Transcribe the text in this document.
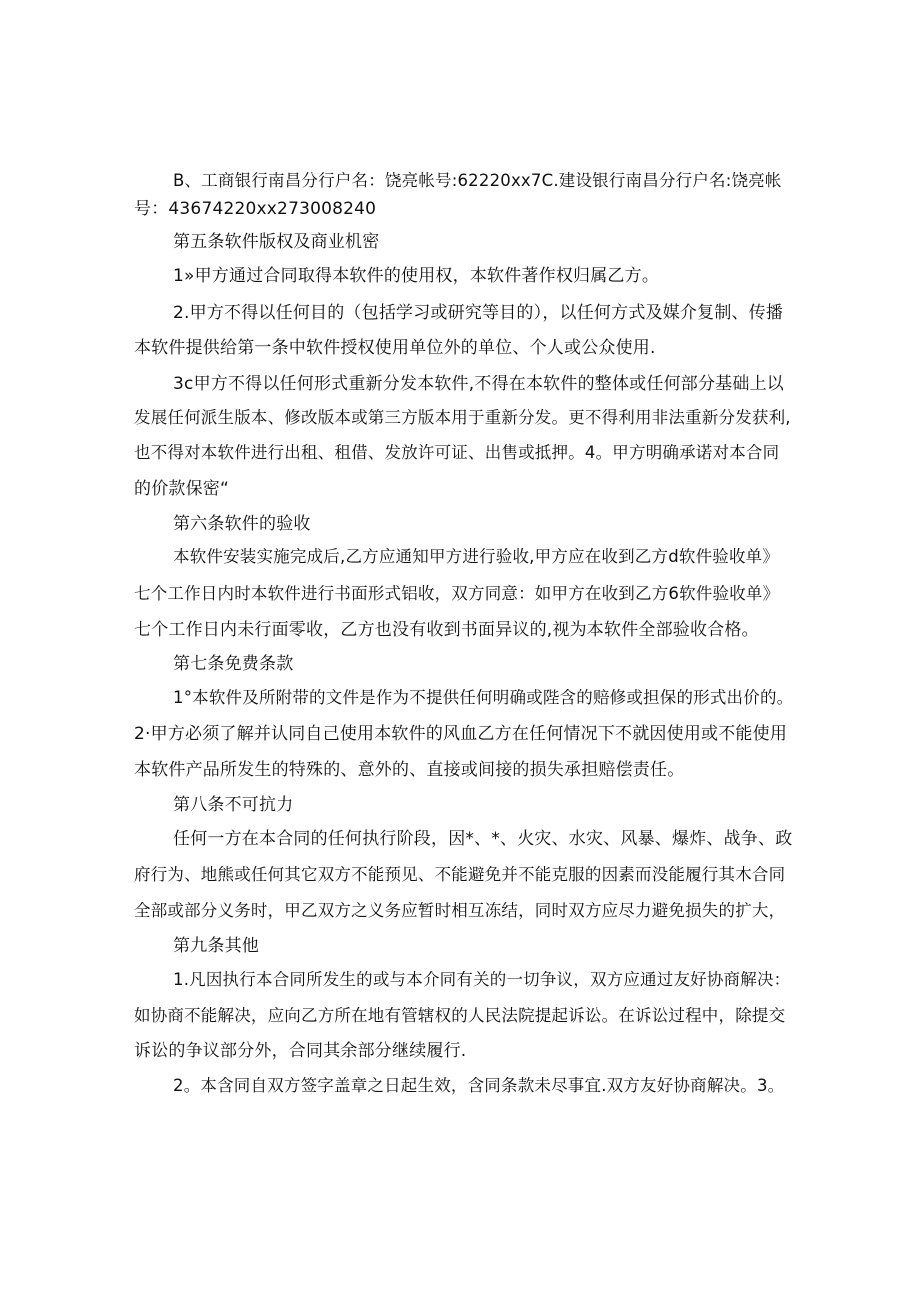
B、工商银行南昌分行户名：饶亮帐号:62220xx7C.建设银行南昌分行户名:饶亮帐
号：43674220xx273008240
第五条软件版权及商业机密
1»甲方通过合同取得本软件的使用权，本软件著作权归属乙方。
2.甲方不得以任何目的（包括学习或研究等目的），以任何方式及媒介复制、传播
本软件提供给第一条中软件授权使用单位外的单位、个人或公众使用.
3c甲方不得以任何形式重新分发本软件,不得在本软件的整体或任何部分基础上以
发展任何派生版本、修改版本或第三方版本用于重新分发。更不得利用非法重新分发获利,
也不得对本软件进行出租、租借、发放许可证、出售或抵押。4。甲方明确承诺对本合同
的价款保密“
第六条软件的验收
本软件安装实施完成后,乙方应通知甲方进行验收,甲方应在收到乙方d软件验收单》
七个工作日内时本软件进行书面形式铝收，双方同意：如甲方在收到乙方6软件验收单》
七个工作日内未行面零收，乙方也没有收到书面异议的,视为本软件全部验收合格。
第七条免费条款
1°本软件及所附带的文件是作为不提供任何明确或陛含的赔修或担保的形式出价的。
2·甲方必须了解并认同自己使用本软件的风血乙方在任何情况下不就因使用或不能使用
本软件产品所发生的特殊的、意外的、直接或间接的损失承担赔偿责任。
第八条不可抗力
任何一方在本合同的任何执行阶段，因*、*、火灾、水灾、风暴、爆炸、战争、政
府行为、地熊或任何其它双方不能预见、不能避免并不能克服的因素而没能履行其木合同
全部或部分义务时，甲乙双方之义务应暂时相互冻结，同时双方应尽力避免损失的扩大，
第九条其他
1.凡因执行本合同所发生的或与本介同有关的一切争议，双方应通过友好协商解决：
如协商不能解决，应向乙方所在地有管辖权的人民法院提起诉讼。在诉讼过程中，除提交
诉讼的争议部分外，合同其余部分继续履行.
2。本含同自双方签字盖章之日起生效，含同条款未尽事宜.双方友好协商解决。3。
